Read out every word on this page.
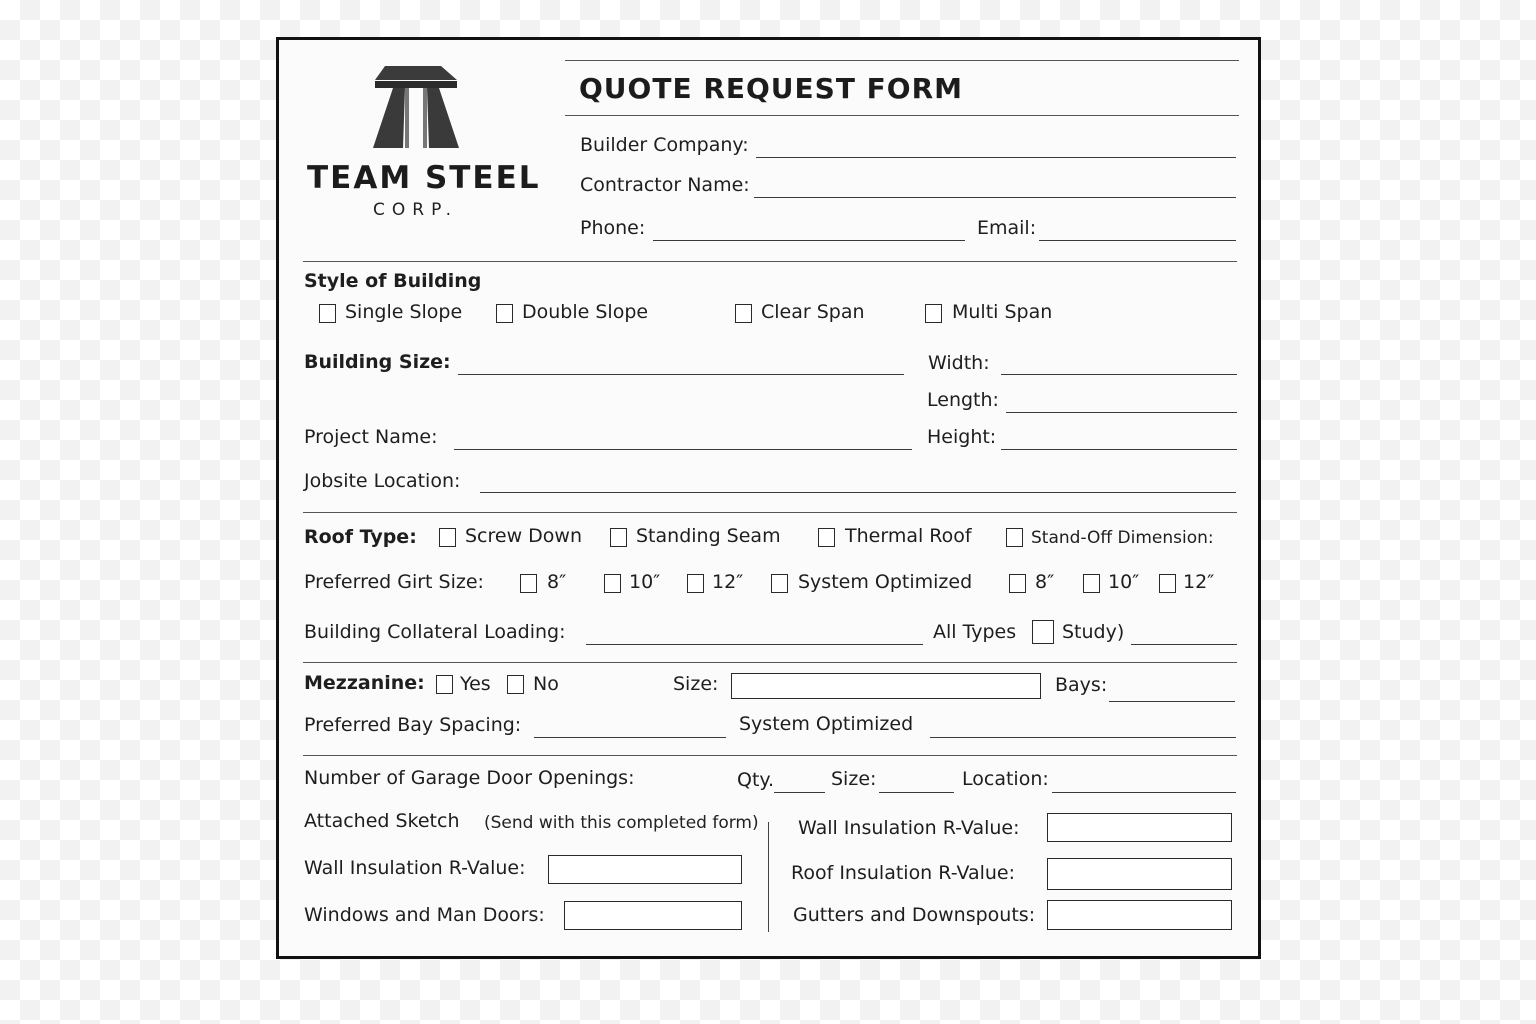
TEAM STEEL
CORP.
QUOTE REQUEST FORM
Builder Company:
Contractor Name:
Phone:	Email:
Style of Building
Single Slope	Double Slope	Clear Span	Multi Span
Building Size:	Width:
Length:
Project Name:	Height:
Jobsite Location:
Roof Type:	Screw Down	Standing Seam	Thermal Roof	Stand-Off Dimension:
Preferred Girt Size:	8″	10″	12″	System Optimized	8″	10″ 12″
Building Collateral Loading:	All Types Study)
Mezzanine: Yes No	Size:	Bays:
Preferred Bay Spacing:	System Optimized
Number of Garage Door Openings:	Qty.	Size:	Location:
Attached Sketch (Send with this completed form)
Wall Insulation R-Value:
Windows and Man Doors:
Wall Insulation R-Value:
Roof Insulation R-Value:
Gutters and Downspouts:
